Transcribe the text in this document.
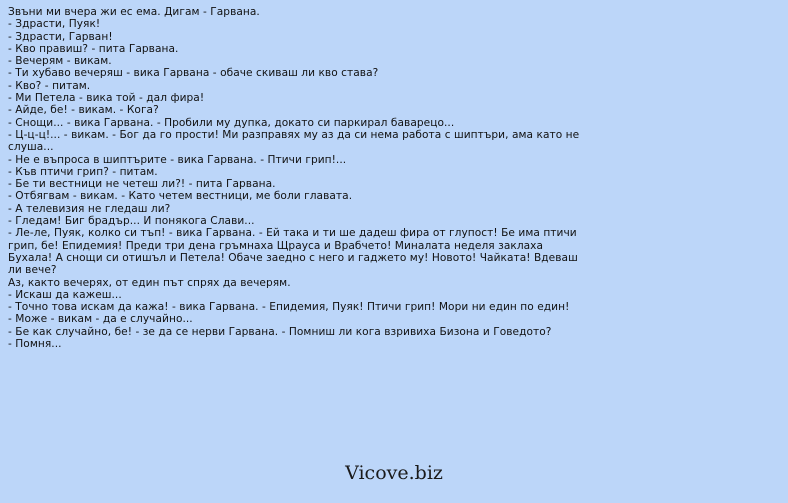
Звъни ми вчера жи ес ема. Дигам - Гарвана.

- Здрасти, Пуяк!

- Здрасти, Гарван!

- Кво правиш? - пита Гарвана.

- Вечерям - викам.

- Ти хубаво вечеряш - вика Гарвана - обаче скиваш ли кво става?

- Кво? - питам.

- Ми Петела - вика той - дал фира!

- Айде, бе! - викам. - Кога?

- Снощи... - вика Гарвана. - Пробили му дупка, докато си паркирал баварецо...

- Ц-ц-ц!... - викам. - Бог да го прости! Ми разправях му аз да си нема работа с шиптъри, ама като не слуша...

- Не е въпроса в шиптърите - вика Гарвана. - Птичи грип!...

- Къв птичи грип? - питам.

- Бе ти вестници не четеш ли?! - пита Гарвана.

- Отбягвам - викам. - Като четем вестници, ме боли главата.

- А телевизия не гледаш ли?

- Гледам! Биг брадър... И понякога Слави...

- Ле-ле, Пуяк, колко си тъп! - вика Гарвана. - Ей така и ти ше дадеш фира от глупост! Бе има птичи грип, бе! Епидемия! Преди три дена гръмнаха Щрауса и Врабчето! Миналата неделя заклаха Бухала! А снощи си отишъл и Петела! Обаче заедно с него и гаджето му! Новото! Чайката! Вдеваш ли вече?

Аз, както вечерях, от един път спрях да вечерям.

- Искаш да кажеш...

- Точно това искам да кажа! - вика Гарвана. - Епидемия, Пуяк! Птичи грип! Мори ни един по един!

- Може - викам - да е случайно...

- Бе как случайно, бе! - зе да се нерви Гарвана. - Помниш ли кога взривиха Бизона и Говедото?

- Помня...

Vicove.biz
